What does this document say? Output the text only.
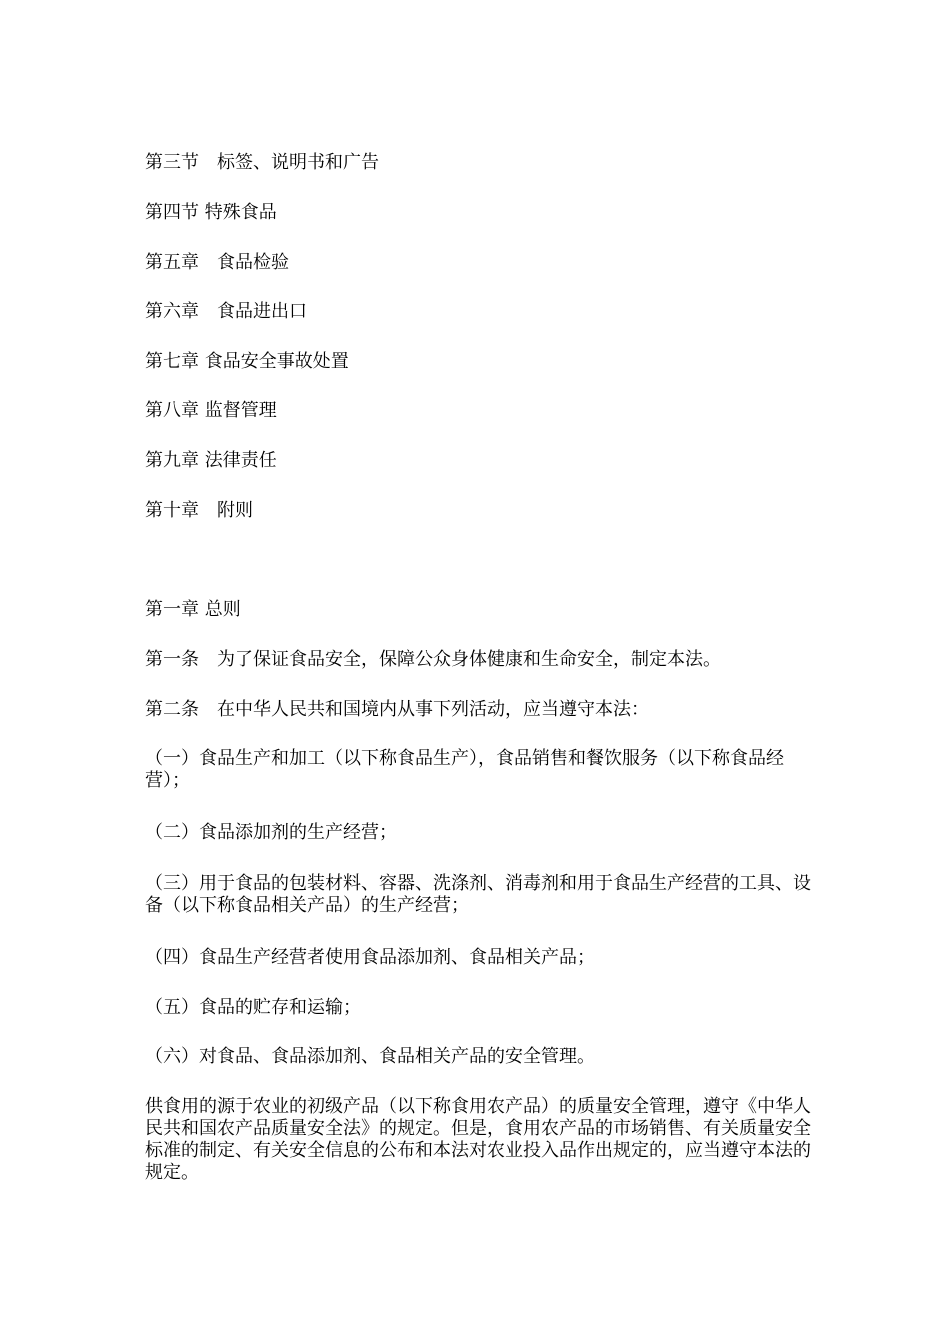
第三节　标签、说明书和广告
第四节 特殊食品
第五章　食品检验
第六章　食品进出口
第七章 食品安全事故处置
第八章 监督管理
第九章 法律责任
第十章　附则
第一章 总则
第一条　为了保证食品安全，保障公众身体健康和生命安全，制定本法。
第二条　在中华人民共和国境内从事下列活动，应当遵守本法：
（一）食品生产和加工（以下称食品生产），食品销售和餐饮服务（以下称食品经营）；
（二）食品添加剂的生产经营；
（三）用于食品的包装材料、容器、洗涤剂、消毒剂和用于食品生产经营的工具、设备（以下称食品相关产品）的生产经营；
（四）食品生产经营者使用食品添加剂、食品相关产品；
（五）食品的贮存和运输；
（六）对食品、食品添加剂、食品相关产品的安全管理。
供食用的源于农业的初级产品（以下称食用农产品）的质量安全管理，遵守《中华人民共和国农产品质量安全法》的规定。但是，食用农产品的市场销售、有关质量安全标准的制定、有关安全信息的公布和本法对农业投入品作出规定的，应当遵守本法的规定。
